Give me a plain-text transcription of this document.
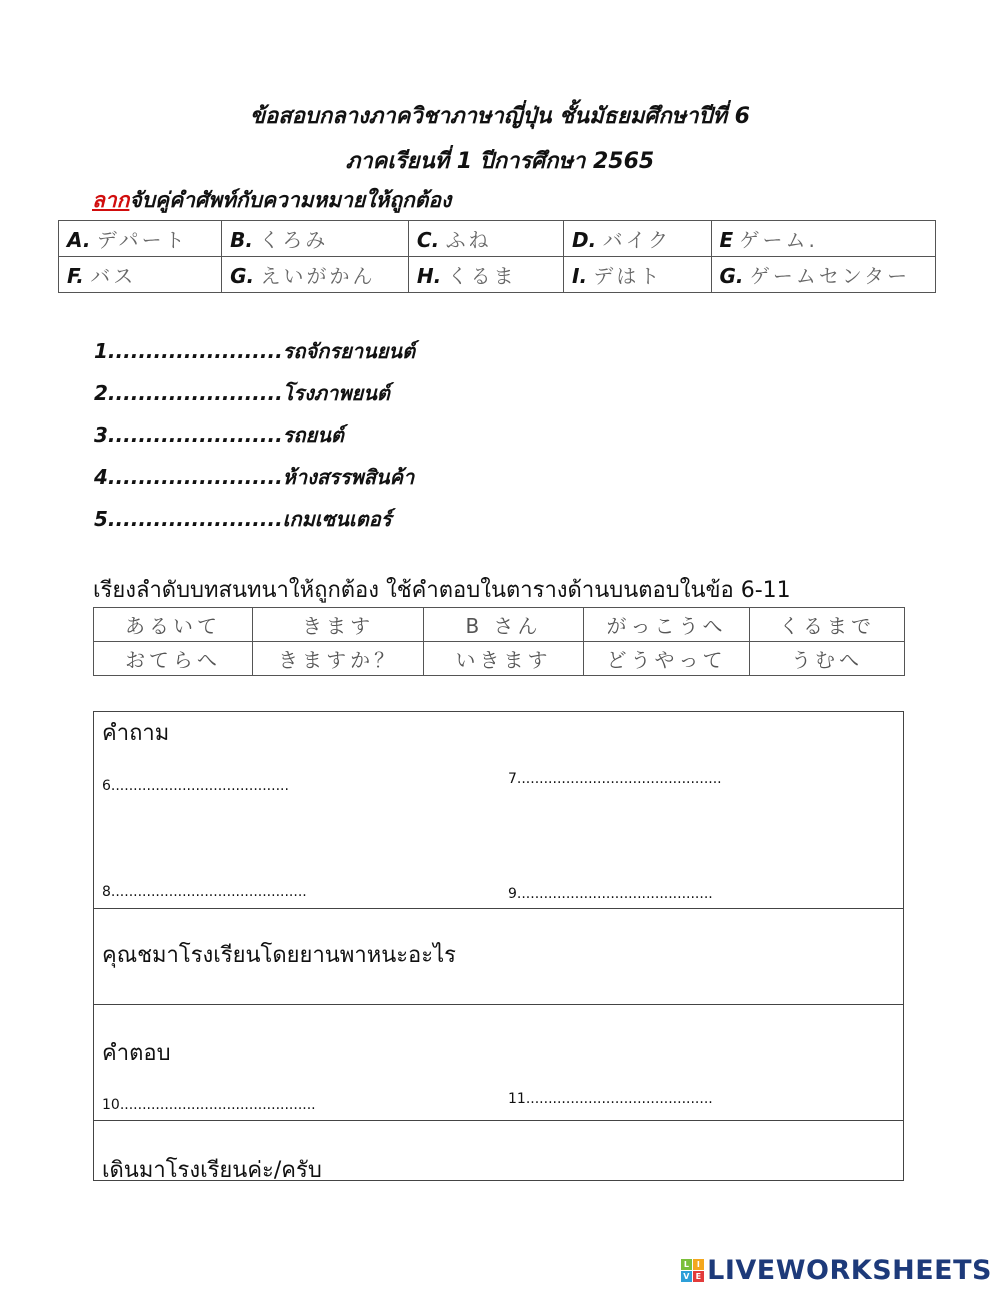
ข้อสอบกลางภาควิชาภาษาญี่ปุ่น ชั้นมัธยมศึกษาปีที่ 6
ภาคเรียนที่ 1 ปีการศึกษา 2565
ลากจับคู่คำศัพท์กับความหมายให้ถูกต้อง
A. デパート	B. くろみ	C. ふね	D. バイク	E ゲーム.
F. バス	G. えいがかん	H. くるま	I. デはト	G. ゲームセンター
1.......................รถจักรยานยนต์
2.......................โรงภาพยนต์
3.......................รถยนต์
4.......................ห้างสรรพสินค้า
5.......................เกมเซนเตอร์
เรียงลำดับบทสนทนาให้ถูกต้อง ใช้คำตอบในตารางด้านบนตอบในข้อ 6-11
あるいて	きます	B さん	がっこうへ	くるまで
おてらへ	きますか？	いきます	どうやって	うむへ
คำถาม
6........................................	7..............................................
8............................................	9............................................
คุณชมาโรงเรียนโดยยานพาหนะอะไร
คำตอบ
10............................................	11..........................................
เดินมาโรงเรียนค่ะ/ครับ
L I
V E LIVEWORKSHEETS
